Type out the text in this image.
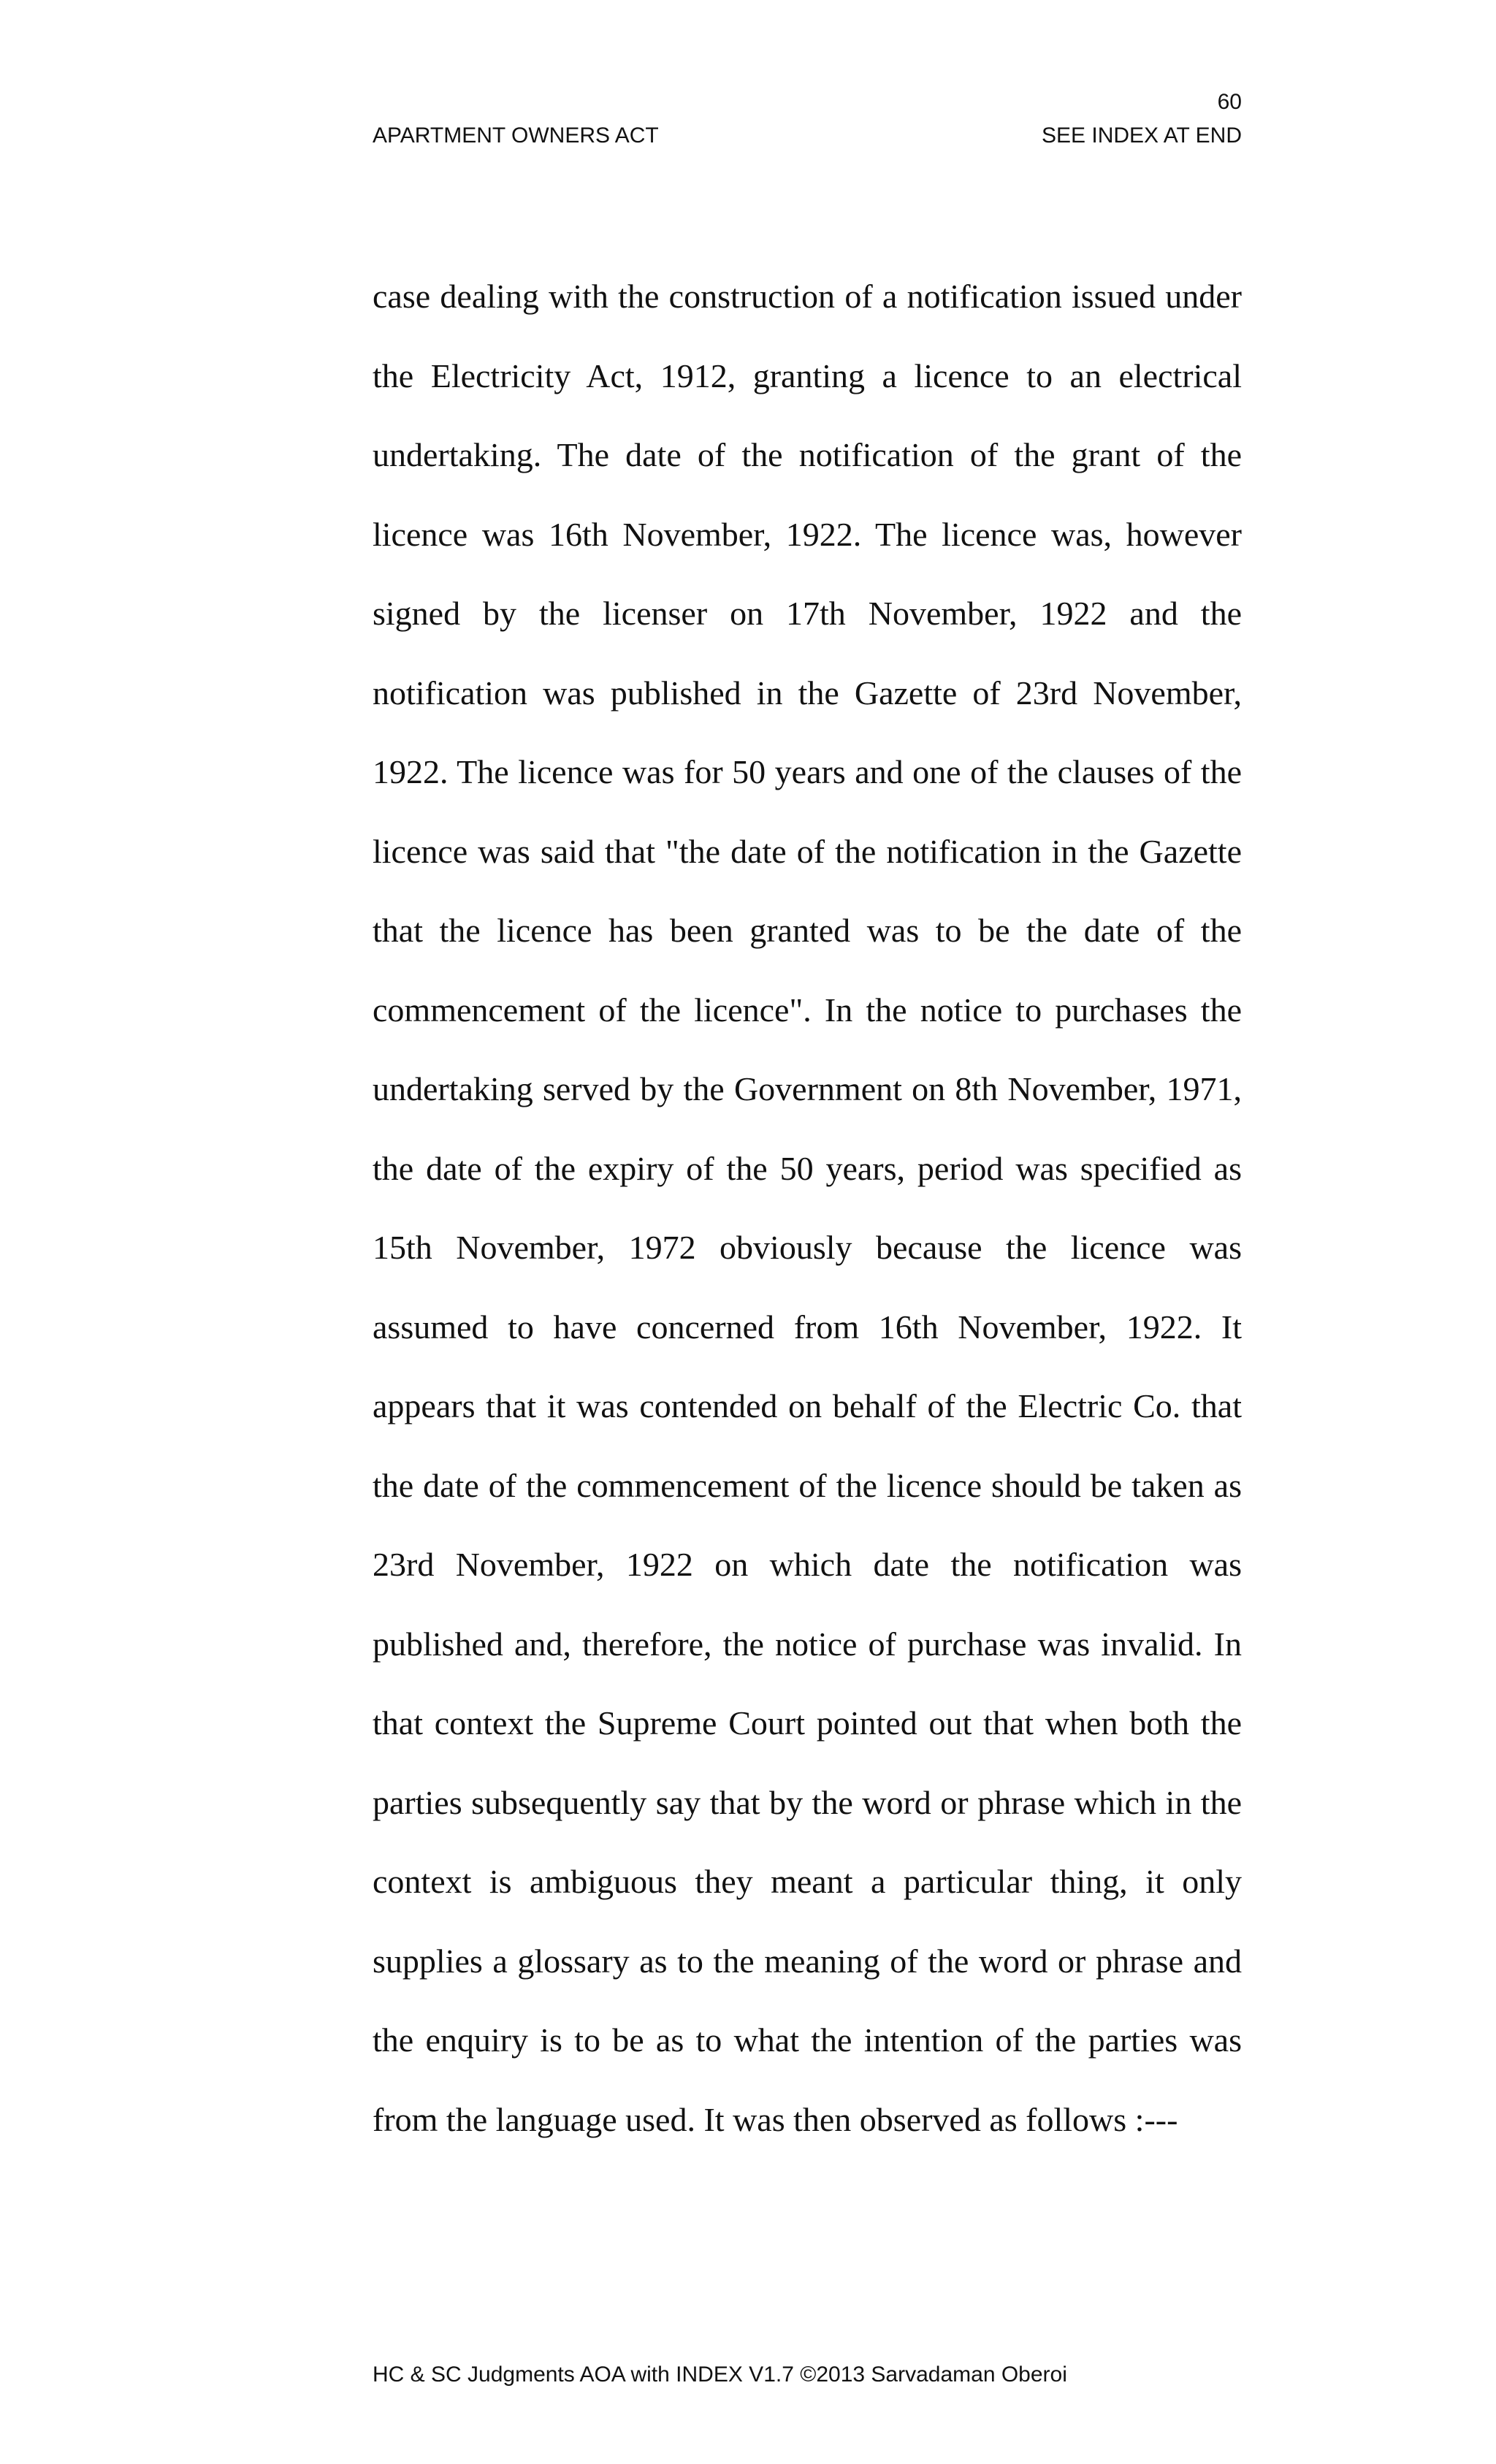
60
APARTMENT OWNERS ACT	SEE INDEX AT END

case dealing with the construction of a notification issued under the Electricity Act, 1912, granting a licence to an electrical undertaking. The date of the notification of the grant of the licence was 16th November, 1922. The licence was, however signed by the licenser on 17th November, 1922 and the notification was published in the Gazette of 23rd November, 1922. The licence was for 50 years and one of the clauses of the licence was said that "the date of the notification in the Gazette that the licence has been granted was to be the date of the commencement of the licence". In the notice to purchases the undertaking served by the Government on 8th November, 1971, the date of the expiry of the 50 years, period was specified as 15th November, 1972 obviously because the licence was assumed to have concerned from 16th November, 1922. It appears that it was contended on behalf of the Electric Co. that the date of the commencement of the licence should be taken as 23rd November, 1922 on which date the notification was published and, therefore, the notice of purchase was invalid. In that context the Supreme Court pointed out that when both the parties subsequently say that by the word or phrase which in the context is ambiguous they meant a particular thing, it only supplies a glossary as to the meaning of the word or phrase and the enquiry is to be as to what the intention of the parties was from the language used. It was then observed as follows :---

HC & SC Judgments AOA with INDEX V1.7 ©2013 Sarvadaman Oberoi
